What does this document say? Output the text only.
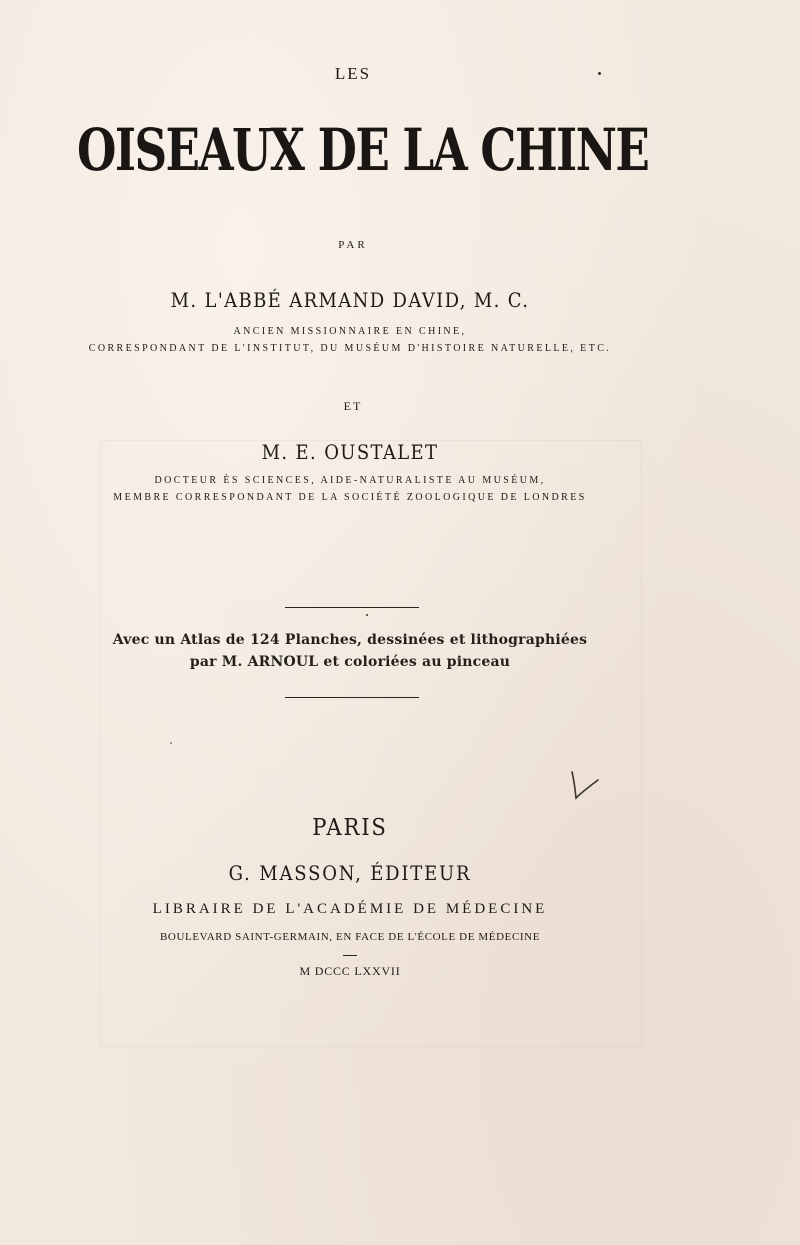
LES
OISEAUX DE LA CHINE
PAR
M. L'ABBÉ ARMAND DAVID, M. C.
ANCIEN MISSIONNAIRE EN CHINE,
CORRESPONDANT DE L'INSTITUT, DU MUSÉUM D'HISTOIRE NATURELLE, ETC.
ET
M. E. OUSTALET
DOCTEUR ÈS SCIENCES, AIDE-NATURALISTE AU MUSÉUM,
MEMBRE CORRESPONDANT DE LA SOCIÉTÉ ZOOLOGIQUE DE LONDRES
Avec un Atlas de 124 Planches, dessinées et lithographiées
par M. ARNOUL et coloriées au pinceau
PARIS
G. MASSON, ÉDITEUR
LIBRAIRE DE L'ACADÉMIE DE MÉDECINE
BOULEVARD SAINT-GERMAIN, EN FACE DE L'ÉCOLE DE MÉDECINE
M DCCC LXXVII
